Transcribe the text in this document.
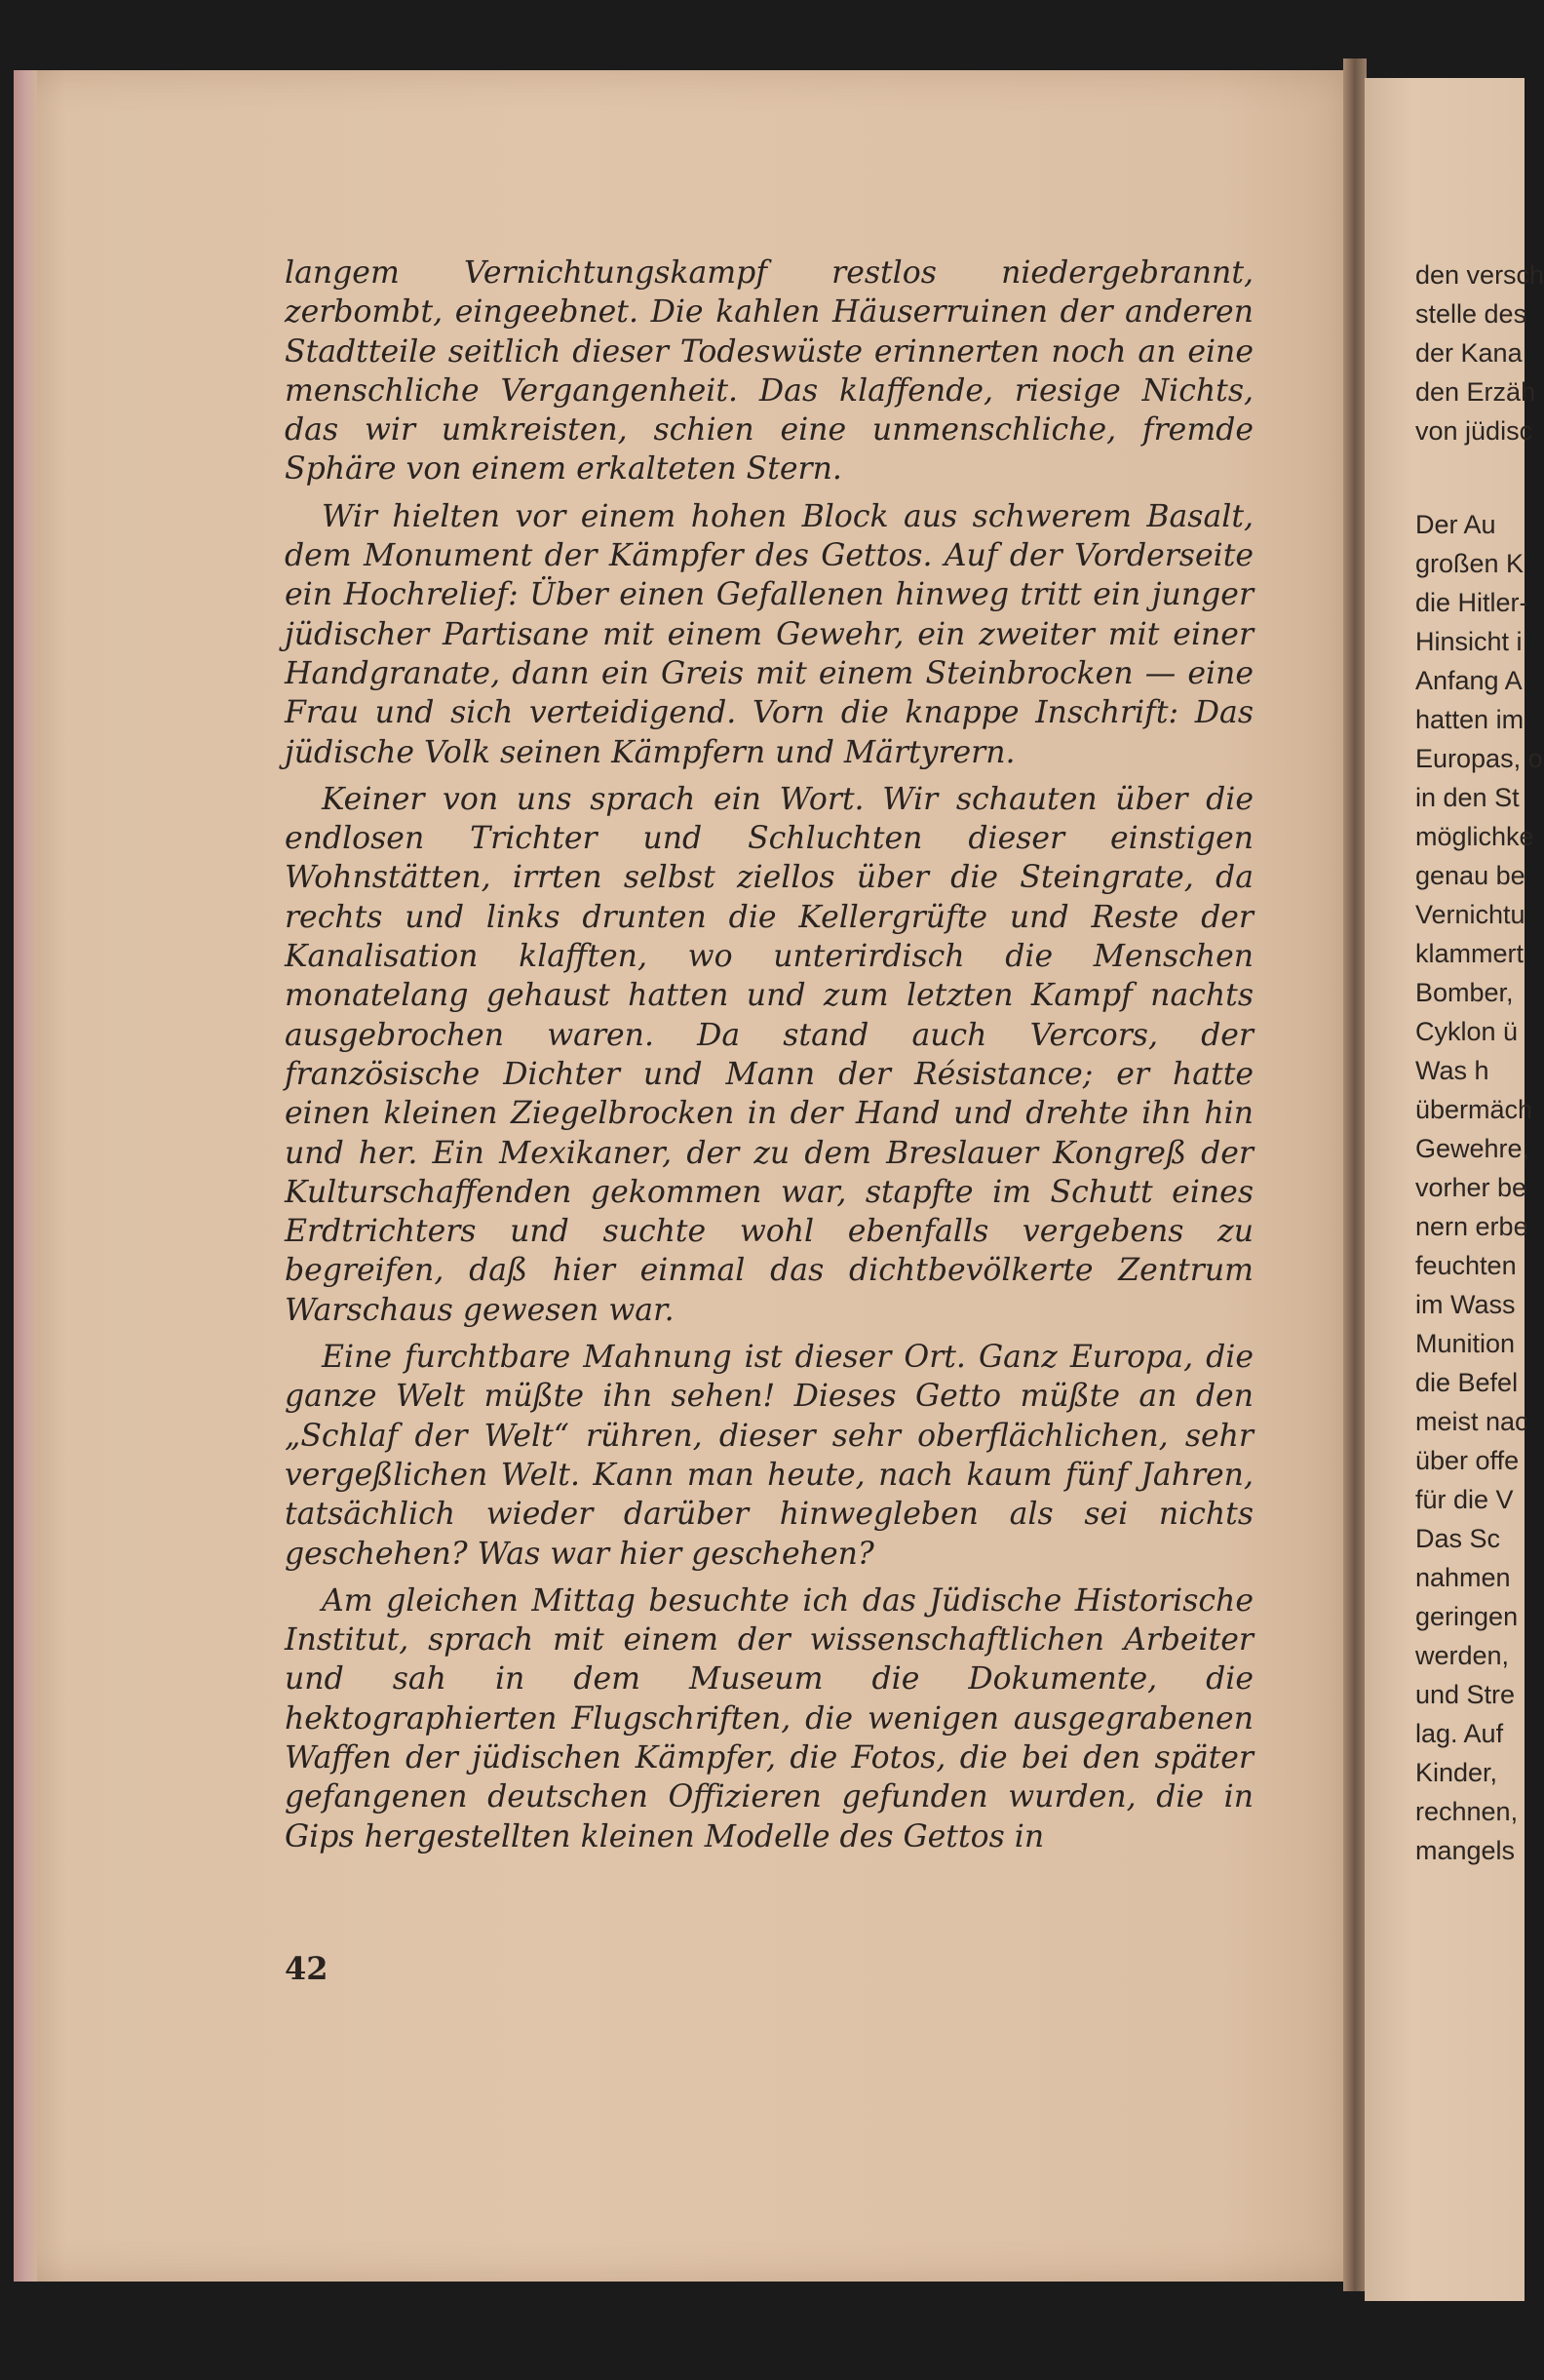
langem Vernichtungskampf restlos niedergebrannt, zerbombt, eingeebnet. Die kahlen Häuserruinen der anderen Stadtteile seitlich dieser Todeswüste erinnerten noch an eine menschliche Vergangenheit. Das klaffende, riesige Nichts, das wir umkreisten, schien eine unmenschliche, fremde Sphäre von einem erkalteten Stern.

Wir hielten vor einem hohen Block aus schwerem Basalt, dem Monument der Kämpfer des Gettos. Auf der Vorderseite ein Hochrelief: Über einen Gefallenen hinweg tritt ein junger jüdischer Partisane mit einem Gewehr, ein zweiter mit einer Handgranate, dann ein Greis mit einem Steinbrocken — eine Frau und sich verteidigend. Vorn die knappe Inschrift: Das jüdische Volk seinen Kämpfern und Märtyrern.

Keiner von uns sprach ein Wort. Wir schauten über die endlosen Trichter und Schluchten dieser einstigen Wohnstätten, irrten selbst ziellos über die Steingrate, da rechts und links drunten die Kellergrüfte und Reste der Kanalisation klafften, wo unterirdisch die Menschen monatelang gehaust hatten und zum letzten Kampf nachts ausgebrochen waren. Da stand auch Vercors, der französische Dichter und Mann der Résistance; er hatte einen kleinen Ziegelbrocken in der Hand und drehte ihn hin und her. Ein Mexikaner, der zu dem Breslauer Kongreß der Kulturschaffenden gekommen war, stapfte im Schutt eines Erdtrichters und suchte wohl ebenfalls vergebens zu begreifen, daß hier einmal das dichtbevölkerte Zentrum Warschaus gewesen war.

Eine furchtbare Mahnung ist dieser Ort. Ganz Europa, die ganze Welt müßte ihn sehen! Dieses Getto müßte an den „Schlaf der Welt“ rühren, dieser sehr oberflächlichen, sehr vergeßlichen Welt. Kann man heute, nach kaum fünf Jahren, tatsächlich wieder darüber hinwegleben als sei nichts geschehen? Was war hier geschehen?

Am gleichen Mittag besuchte ich das Jüdische Historische Institut, sprach mit einem der wissenschaftlichen Arbeiter und sah in dem Museum die Dokumente, die hektographierten Flugschriften, die wenigen ausgegrabenen Waffen der jüdischen Kämpfer, die Fotos, die bei den später gefangenen deutschen Offizieren gefunden wurden, die in Gips hergestellten kleinen Modelle des Gettos in

42
den versch
stelle des
der Kana
den Erzäh
von jüdisc
Der Au
großen K
die Hitler-
Hinsicht i
Anfang A
hatten im
Europas, o
in den St
möglichke
genau be
Vernichtu
klammert
Bomber,
Cyklon ü
Was h
übermäch
Gewehre,
vorher be
nern erbe
feuchten
im Wass
Munition
die Befel
meist nac
über offe
für die V
Das Sc
nahmen
geringen
werden,
und Stre
lag. Auf
Kinder,
rechnen,
mangels
